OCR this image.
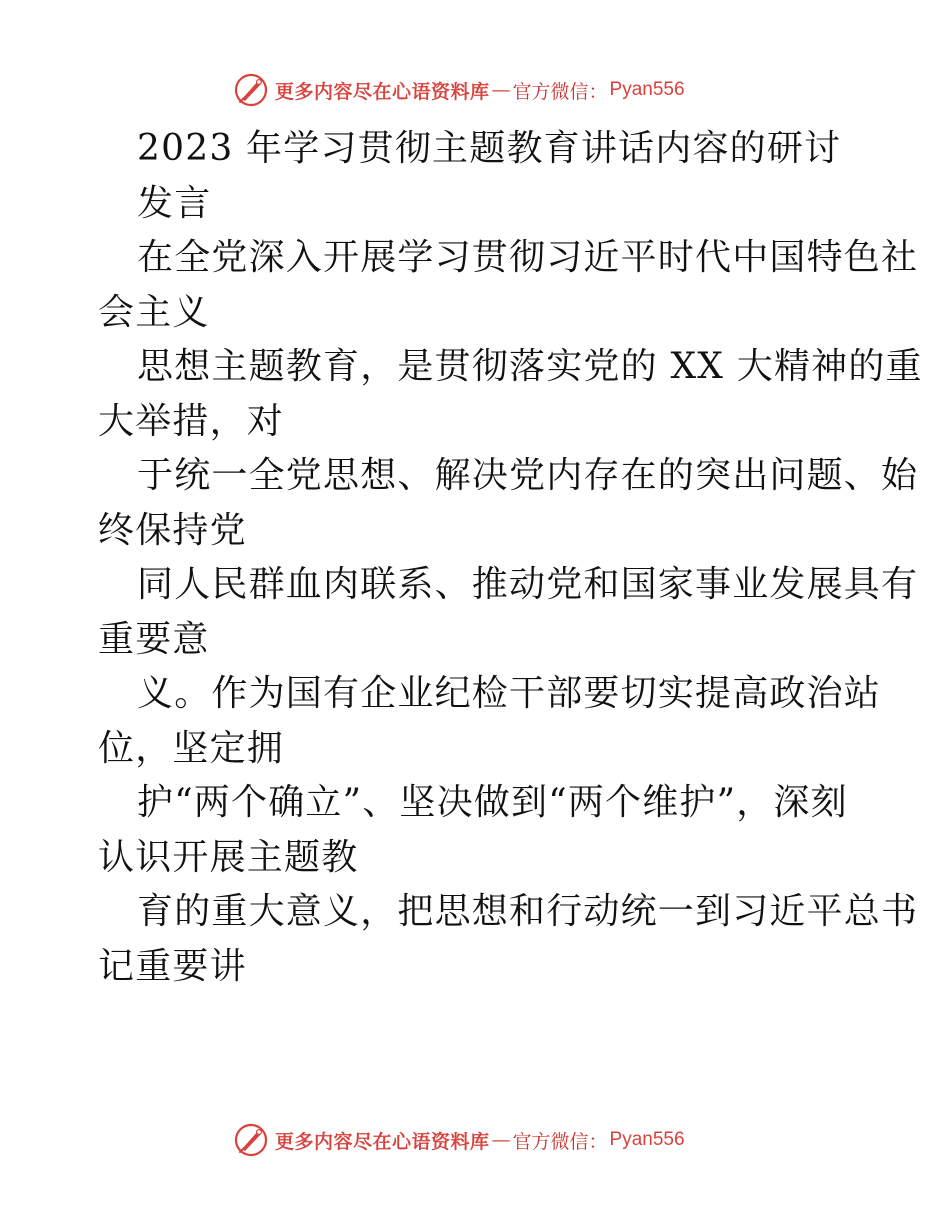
更多内容尽在心语资料库 — 官方微信： Pyan556
2023 年学习贯彻主题教育讲话内容的研讨
发言
在全党深入开展学习贯彻习近平时代中国特色社
会主义
思想主题教育，是贯彻落实党的 XX 大精神的重
大举措，对
于统一全党思想、解决党内存在的突出问题、始
终保持党
同人民群血肉联系、推动党和国家事业发展具有
重要意
义。作为国有企业纪检干部要切实提高政治站
位，坚定拥
护“两个确立”、坚决做到“两个维护”，深刻
认识开展主题教
育的重大意义，把思想和行动统一到习近平总书
记重要讲
更多内容尽在心语资料库 — 官方微信： Pyan556
